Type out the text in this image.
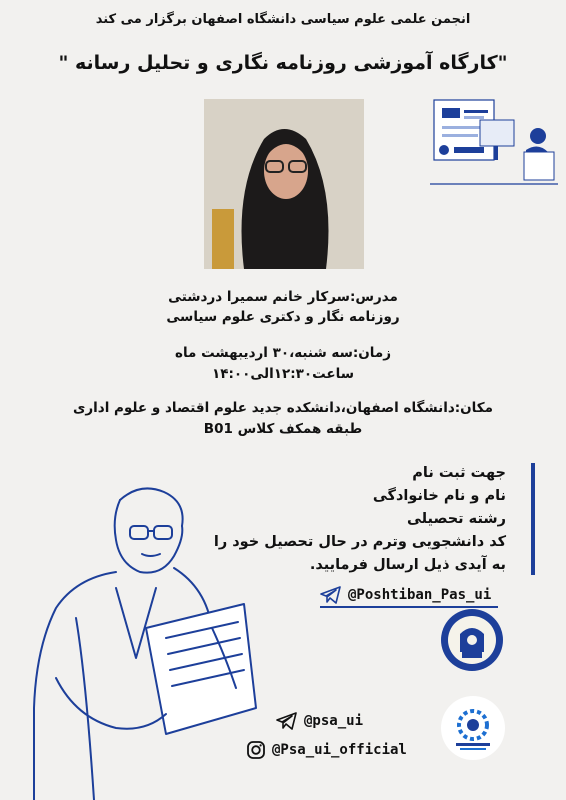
انجمن علمی علوم سیاسی دانشگاه اصفهان برگزار می کند
"کارگاه آموزشی روزنامه نگاری و تحلیل رسانه "
مدرس:سرکار خانم سمیرا دردشتی
روزنامه نگار و دکتری علوم سیاسی
زمان:سه شنبه،۳۰ اردیبهشت ماه
ساعت۱۲:۳۰الی۱۴:۰۰
مکان:دانشگاه اصفهان،دانشکده جدید علوم اقتصاد و علوم اداری
طبقه همکف کلاس B01
جهت ثبت نام
نام و نام خانوادگی
رشته تحصیلی
کد دانشجویی وترم در حال تحصیل خود را
به آیدی ذیل ارسال فرمایید.
@Poshtiban_Pas_ui
@psa_ui
@Psa_ui_official
